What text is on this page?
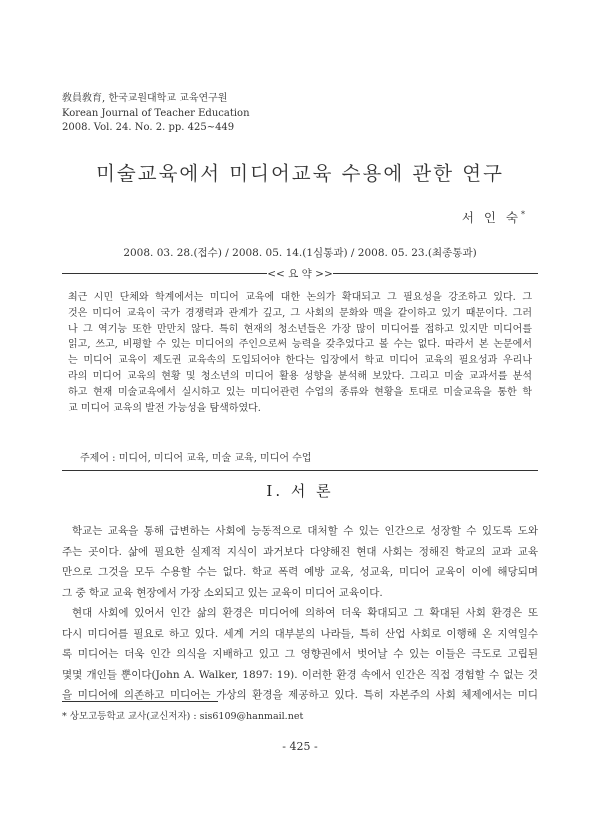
敎員敎育, 한국교원대학교 교육연구원
Korean Journal of Teacher Education
2008. Vol. 24. No. 2. pp. 425~449
미술교육에서 미디어교육 수용에 관한 연구
서 인 숙*
2008. 03. 28.(접수) / 2008. 05. 14.(1심통과) / 2008. 05. 23.(최종통과)
<< 요 약 >>
최근 시민 단체와 학계에서는 미디어 교육에 대한 논의가 확대되고 그 필요성을 강조하고 있다. 그
것은 미디어 교육이 국가 경쟁력과 관계가 깊고, 그 사회의 문화와 맥을 같이하고 있기 때문이다. 그러
나 그 역기능 또한 만만치 않다. 특히 현재의 청소년들은 가장 많이 미디어를 접하고 있지만 미디어를
읽고, 쓰고, 비평할 수 있는 미디어의 주인으로써 능력을 갖추었다고 볼 수는 없다. 따라서 본 논문에서
는 미디어 교육이 제도권 교육속의 도입되어야 한다는 입장에서 학교 미디어 교육의 필요성과 우리나
라의 미디어 교육의 현황 및 청소년의 미디어 활용 성향을 분석해 보았다. 그리고 미술 교과서를 분석
하고 현재 미술교육에서 실시하고 있는 미디어관련 수업의 종류와 현황을 토대로 미술교육을 통한 학
교 미디어 교육의 발전 가능성을 탐색하였다.
주제어 : 미디어, 미디어 교육, 미술 교육, 미디어 수업
I. 서 론
학교는 교육을 통해 급변하는 사회에 능동적으로 대처할 수 있는 인간으로 성장할 수 있도록 도와
주는 곳이다. 삶에 필요한 실제적 지식이 과거보다 다양해진 현대 사회는 정해진 학교의 교과 교육
만으로 그것을 모두 수용할 수는 없다. 학교 폭력 예방 교육, 성교육, 미디어 교육이 이에 해당되며
그 중 학교 교육 현장에서 가장 소외되고 있는 교육이 미디어 교육이다.
현대 사회에 있어서 인간 삶의 환경은 미디어에 의하여 더욱 확대되고 그 확대된 사회 환경은 또
다시 미디어를 필요로 하고 있다. 세계 거의 대부분의 나라들, 특히 산업 사회로 이행해 온 지역일수
록 미디어는 더욱 인간 의식을 지배하고 있고 그 영향권에서 벗어날 수 있는 이들은 극도로 고립된
몇몇 개인들 뿐이다(John A. Walker, 1897: 19). 이러한 환경 속에서 인간은 직접 경험할 수 없는 것
을 미디어에 의존하고 미디어는 가상의 환경을 제공하고 있다. 특히 자본주의 사회 체제에서는 미디
* 상모고등학교 교사(교신저자) : sis6109@hanmail.net
- 425 -
